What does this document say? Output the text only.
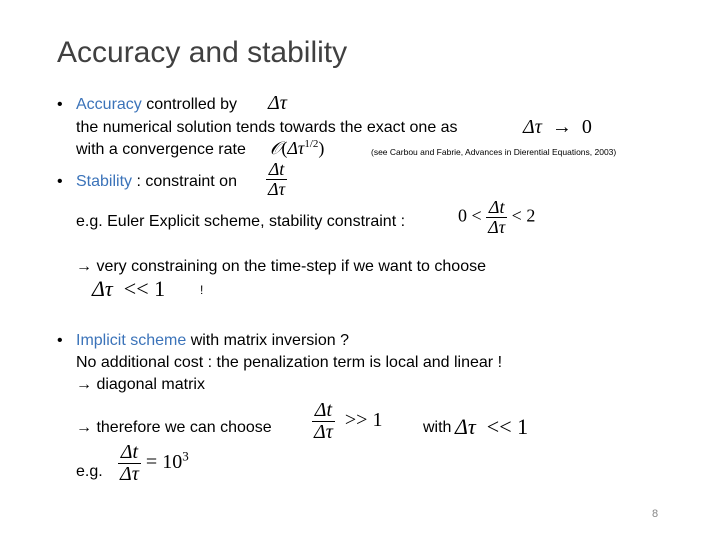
Accuracy and stability
• Accuracy controlled by Δτ
the numerical solution tends towards the exact one as	Δτ → 0
with a convergence rate $𝒪(\Delta\tau^{1/2})$	(see Carbou and Fabrie, Advances in Dierential Equations, 2003)
• Stability : constraint on $\frac{\Delta t}{\Delta\tau}$
e.g. Euler Explicit scheme, stability constraint :	$0 < \frac{\Delta t}{\Delta\tau} < 2$
→ very constraining on the time-step if we want to choose
Δτ << 1	!
• Implicit scheme with matrix inversion ?
No additional cost : the penalization term is local and linear !
→ diagonal matrix
→ therefore we can choose $\frac{\Delta t}{\Delta\tau} >> 1$	with Δτ << 1
e.g. $\frac{\Delta t}{\Delta\tau} = 10^3$
8
